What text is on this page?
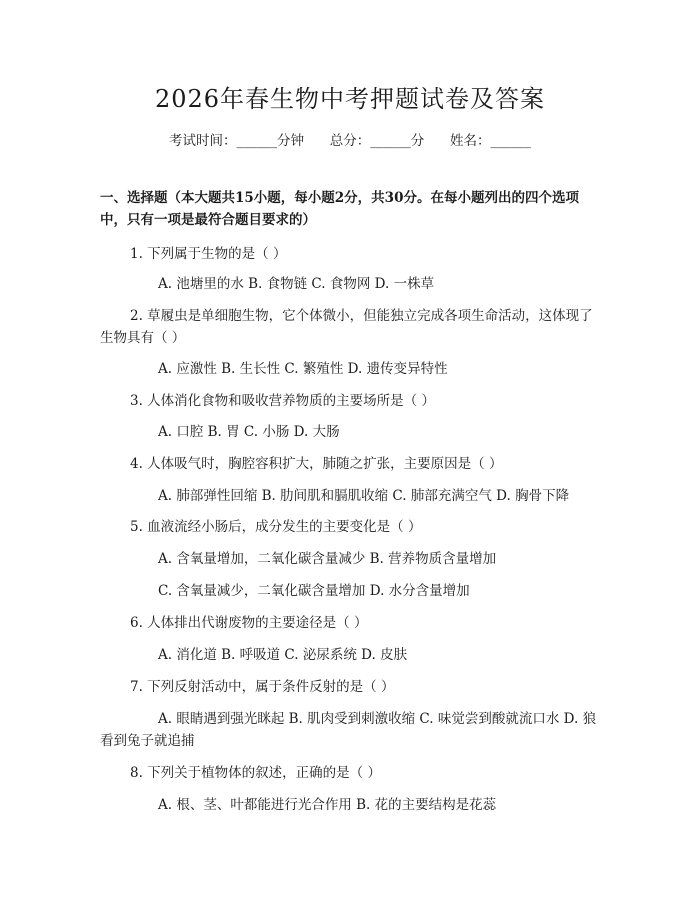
2026年春生物中考押题试卷及答案
考试时间：______分钟      总分：______分      姓名：______
一、选择题（本大题共15小题，每小题2分，共30分。在每小题列出的四个选项中，只有一项是最符合题目要求的）
1. 下列属于生物的是（ ）
A. 池塘里的水 B. 食物链 C. 食物网 D. 一株草
2. 草履虫是单细胞生物，它个体微小，但能独立完成各项生命活动，这体现了生物具有（ ）
A. 应激性 B. 生长性 C. 繁殖性 D. 遗传变异特性
3. 人体消化食物和吸收营养物质的主要场所是（ ）
A. 口腔 B. 胃 C. 小肠 D. 大肠
4. 人体吸气时，胸腔容积扩大，肺随之扩张，主要原因是（ ）
A. 肺部弹性回缩 B. 肋间肌和膈肌收缩 C. 肺部充满空气 D. 胸骨下降
5. 血液流经小肠后，成分发生的主要变化是（ ）
A. 含氧量增加，二氧化碳含量减少 B. 营养物质含量增加
C. 含氧量减少，二氧化碳含量增加 D. 水分含量增加
6. 人体排出代谢废物的主要途径是（ ）
A. 消化道 B. 呼吸道 C. 泌尿系统 D. 皮肤
7. 下列反射活动中，属于条件反射的是（ ）
A. 眼睛遇到强光眯起 B. 肌肉受到刺激收缩 C. 味觉尝到酸就流口水 D. 狼看到兔子就追捕
8. 下列关于植物体的叙述，正确的是（ ）
A. 根、茎、叶都能进行光合作用 B. 花的主要结构是花蕊
